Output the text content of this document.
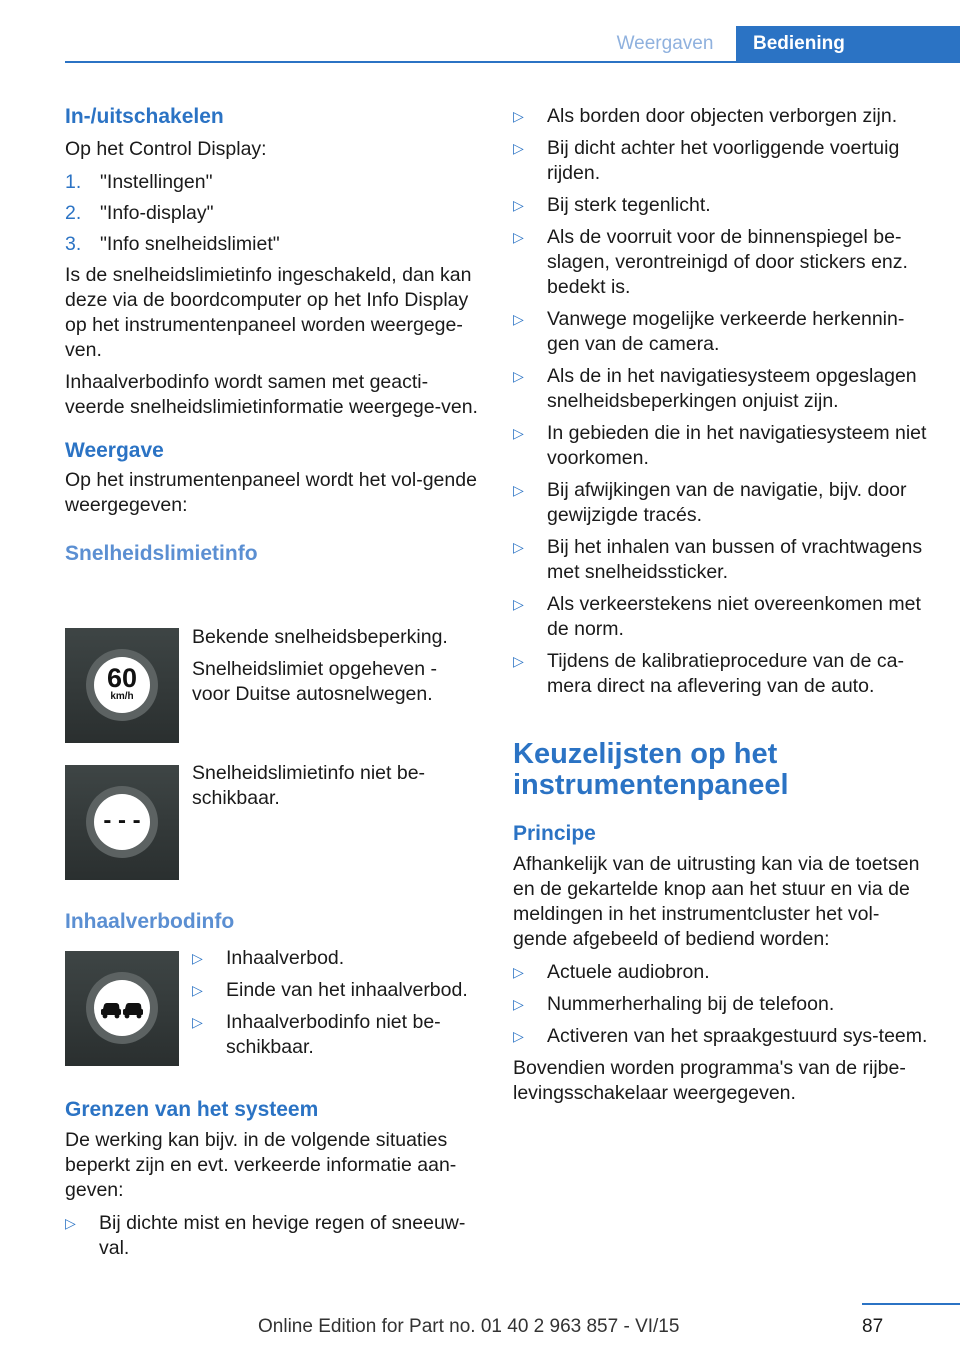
Weergaven	Bediening
In-/uitschakelen

Op het Control Display:

1. "Instellingen"
2. "Info-display"
3. "Info snelheidslimiet"

Is de snelheidslimietinfo ingeschakeld, dan kan deze via de boordcomputer op het Info Display op het instrumentenpaneel worden weergege-ven.

Inhaalverbodinfo wordt samen met geacti-veerde snelheidslimietinformatie weergege-ven.

Weergave

Op het instrumentenpaneel wordt het vol-gende weergegeven:

Snelheidslimietinfo
60
km/h

Bekende snelheidsbeperking.

Snelheidslimiet opgeheven - voor Duitse autosnelwegen.

- - -
Snelheidslimietinfo niet be-schikbaar.
Inhaalverbodinfo
▷	Inhaalverbod.
▷	Einde van het inhaalverbod.
▷	Inhaalverbodinfo niet be-schikbaar.
Grenzen van het systeem

De werking kan bijv. in de volgende situaties beperkt zijn en evt. verkeerde informatie aan-geven:

▷	Bij dichte mist en hevige regen of sneeuw-val.
▷	Als borden door objecten verborgen zijn.
▷	Bij dicht achter het voorliggende voertuig rijden.
▷	Bij sterk tegenlicht.
▷	Als de voorruit voor de binnenspiegel be-slagen, verontreinigd of door stickers enz. bedekt is.
▷	Vanwege mogelijke verkeerde herkennin-gen van de camera.
▷	Als de in het navigatiesysteem opgeslagen snelheidsbeperkingen onjuist zijn.
▷	In gebieden die in het navigatiesysteem niet voorkomen.
▷	Bij afwijkingen van de navigatie, bijv. door gewijzigde tracés.
▷	Bij het inhalen van bussen of vrachtwagens met snelheidssticker.
▷	Als verkeerstekens niet overeenkomen met de norm.
▷	Tijdens de kalibratieprocedure van de ca-mera direct na aflevering van de auto.
Keuzelijsten op het instrumentenpaneel
Principe

Afhankelijk van de uitrusting kan via de toetsen en de gekartelde knop aan het stuur en via de meldingen in het instrumentcluster het vol-gende afgebeeld of bediend worden:

▷	Actuele audiobron.
▷	Nummerherhaling bij de telefoon.
▷	Activeren van het spraakgestuurd sys-teem.

Bovendien worden programma's van de rijbe-levingsschakelaar weergegeven.

87
Online Edition for Part no. 01 40 2 963 857 - VI/15
